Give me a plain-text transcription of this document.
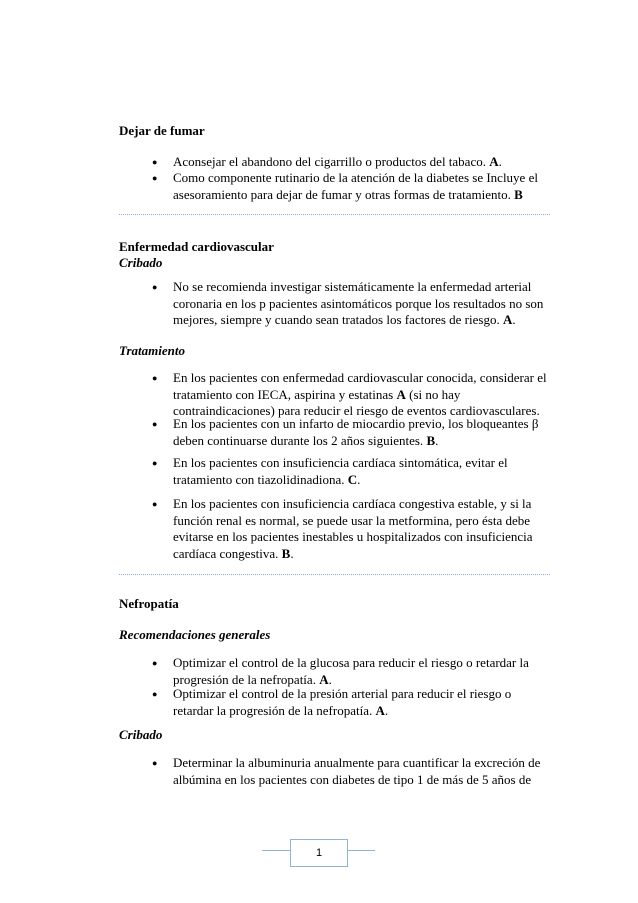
Dejar de fumar
● Aconsejar el abandono del cigarrillo o productos del tabaco. A.
● Como componente rutinario de la atención de la diabetes se Incluye el
asesoramiento para dejar de fumar y otras formas de tratamiento. B
Enfermedad cardiovascular
Cribado
● No se recomienda investigar sistemáticamente la enfermedad arterial
coronaria en los p pacientes asintomáticos porque los resultados no son
mejores, siempre y cuando sean tratados los factores de riesgo. A.
Tratamiento
● En los pacientes con enfermedad cardiovascular conocida, considerar el
tratamiento con IECA, aspirina y estatinas A (si no hay
contraindicaciones) para reducir el riesgo de eventos cardiovasculares.
● En los pacientes con un infarto de miocardio previo, los bloqueantes β
deben continuarse durante los 2 años siguientes. B.
● En los pacientes con insuficiencia cardíaca sintomática, evitar el
tratamiento con tiazolidinadiona. C.
● En los pacientes con insuficiencia cardíaca congestiva estable, y si la
función renal es normal, se puede usar la metformina, pero ésta debe
evitarse en los pacientes inestables u hospitalizados con insuficiencia
cardíaca congestiva. B.
Nefropatía
Recomendaciones generales
● Optimizar el control de la glucosa para reducir el riesgo o retardar la
progresión de la nefropatía. A.
● Optimizar el control de la presión arterial para reducir el riesgo o
retardar la progresión de la nefropatía. A.
Cribado
● Determinar la albuminuria anualmente para cuantificar la excreción de
albúmina en los pacientes con diabetes de tipo 1 de más de 5 años de
1
